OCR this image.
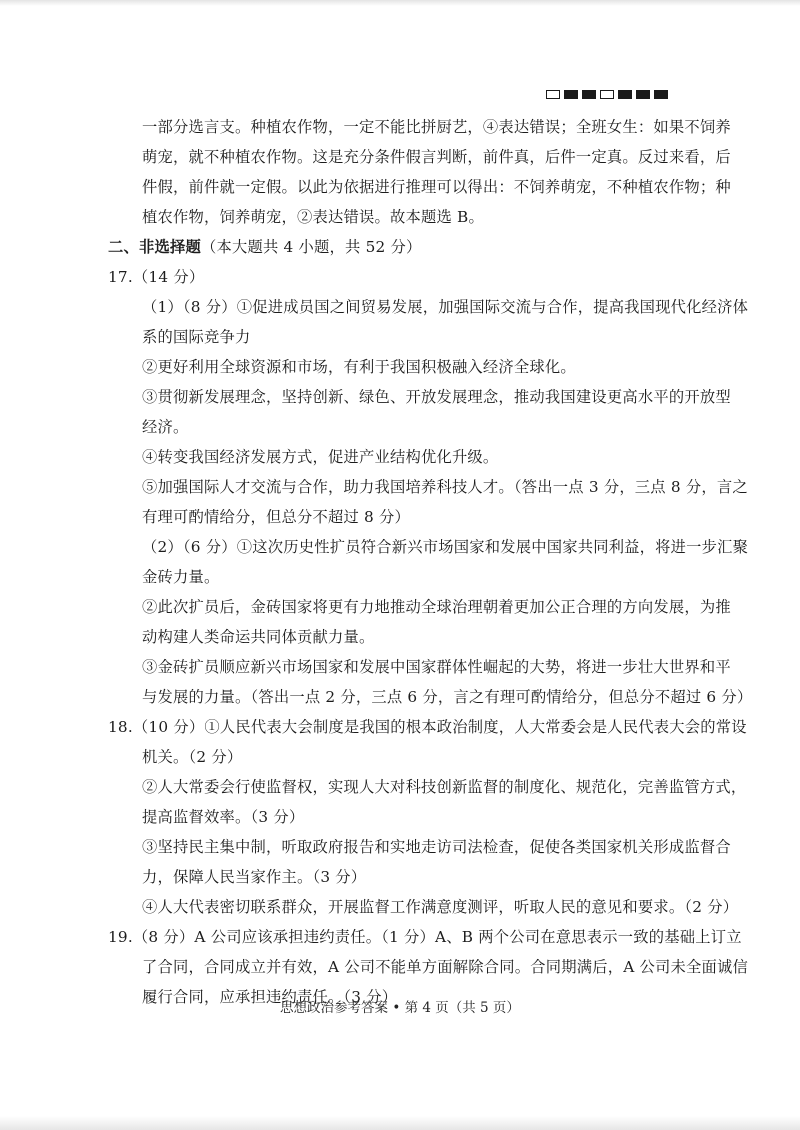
一部分选言支。种植农作物，一定不能比拼厨艺，④表达错误；全班女生：如果不饲养
萌宠，就不种植农作物。这是充分条件假言判断，前件真，后件一定真。反过来看，后
件假，前件就一定假。以此为依据进行推理可以得出：不饲养萌宠，不种植农作物；种
植农作物，饲养萌宠，②表达错误。故本题选 B。
二、非选择题（本大题共 4 小题，共 52 分）
17.（14 分）
（1）（8 分）①促进成员国之间贸易发展，加强国际交流与合作，提高我国现代化经济体
系的国际竞争力
②更好利用全球资源和市场，有利于我国积极融入经济全球化。
③贯彻新发展理念，坚持创新、绿色、开放发展理念，推动我国建设更高水平的开放型
经济。
④转变我国经济发展方式，促进产业结构优化升级。
⑤加强国际人才交流与合作，助力我国培养科技人才。（答出一点 3 分，三点 8 分，言之
有理可酌情给分，但总分不超过 8 分）
（2）（6 分）①这次历史性扩员符合新兴市场国家和发展中国家共同利益，将进一步汇聚
金砖力量。
②此次扩员后，金砖国家将更有力地推动全球治理朝着更加公正合理的方向发展，为推
动构建人类命运共同体贡献力量。
③金砖扩员顺应新兴市场国家和发展中国家群体性崛起的大势，将进一步壮大世界和平
与发展的力量。（答出一点 2 分，三点 6 分，言之有理可酌情给分，但总分不超过 6 分）
18.（10 分）①人民代表大会制度是我国的根本政治制度，人大常委会是人民代表大会的常设
机关。（2 分）
②人大常委会行使监督权，实现人大对科技创新监督的制度化、规范化，完善监管方式，
提高监督效率。（3 分）
③坚持民主集中制，听取政府报告和实地走访司法检查，促使各类国家机关形成监督合
力，保障人民当家作主。（3 分）
④人大代表密切联系群众，开展监督工作满意度测评，听取人民的意见和要求。（2 分）
19.（8 分）A 公司应该承担违约责任。（1 分）A、B 两个公司在意思表示一致的基础上订立
了合同，合同成立并有效，A 公司不能单方面解除合同。合同期满后，A 公司未全面诚信
履行合同，应承担违约责任。（3 分）
思想政治参考答案 • 第 4 页（共 5 页）
